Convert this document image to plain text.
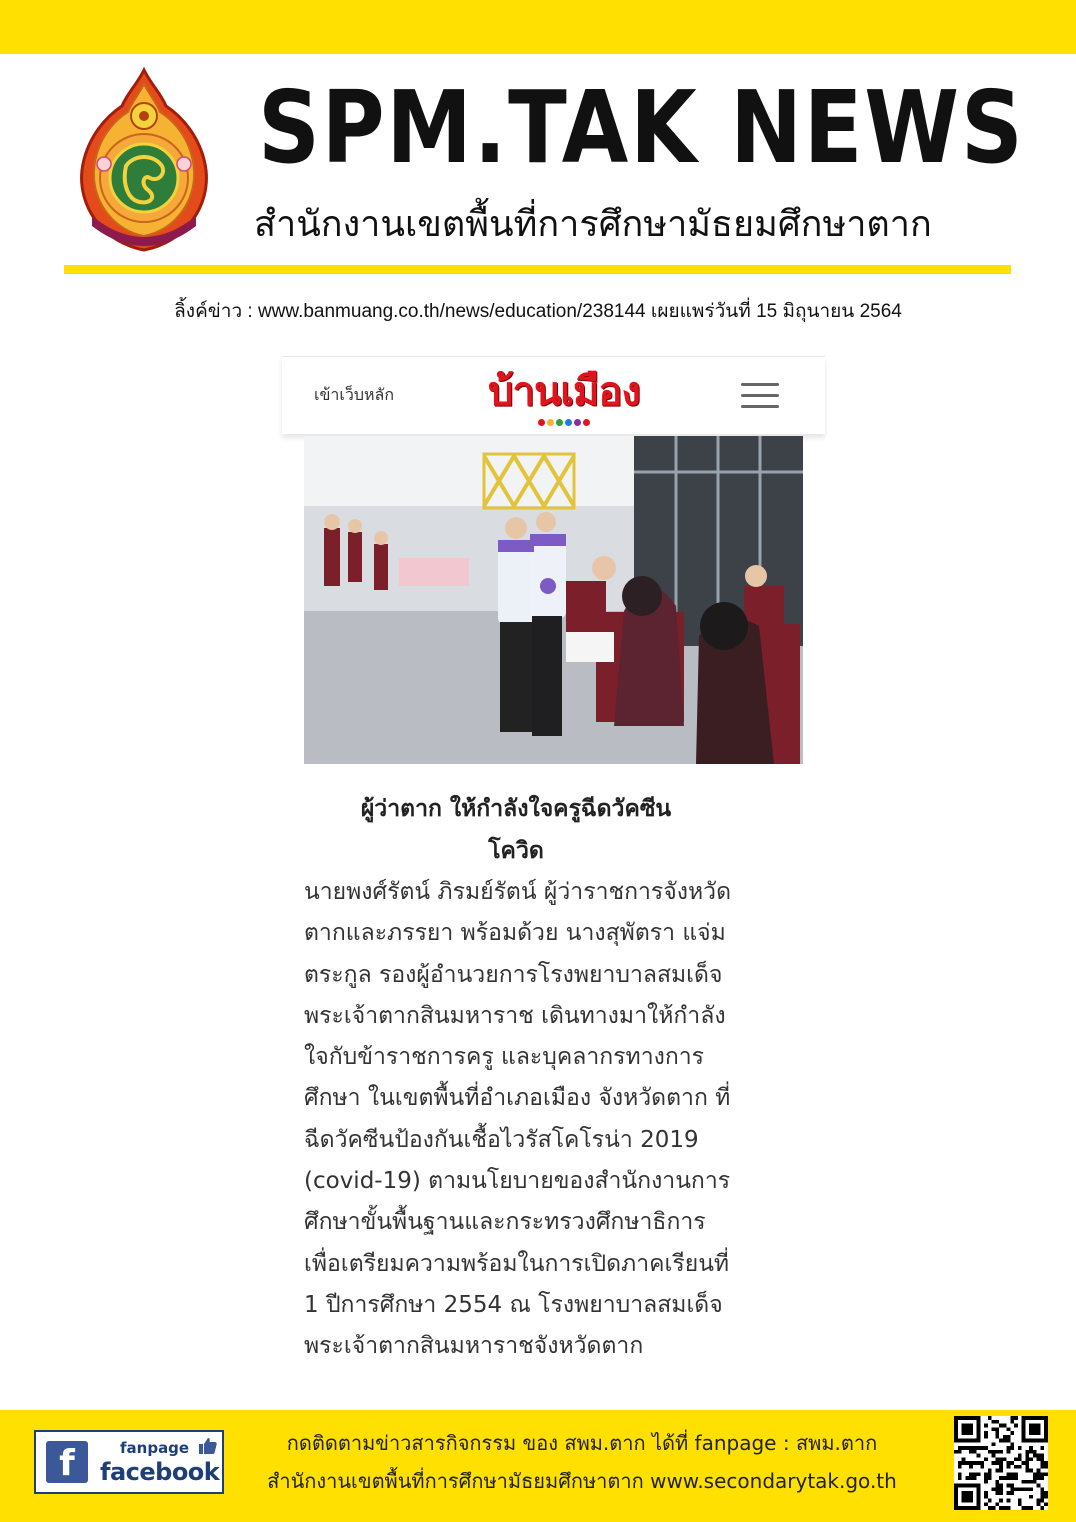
SPM.TAK NEWS
สำนักงานเขตพื้นที่การศึกษามัธยมศึกษาตาก
ลิ้งค์ข่าว : www.banmuang.co.th/news/education/238144 เผยแพร่วันที่ 15 มิถุนายน 2564
เข้าเว็บหลัก	บ้านเมือง
ผู้ว่าตาก ให้กำลังใจครูฉีดวัคซีน
โควิด

นายพงศ์รัตน์ ภิรมย์รัตน์ ผู้ว่าราชการจังหวัด

ตากและภรรยา พร้อมด้วย นางสุพัตรา แจ่ม

ตระกูล รองผู้อำนวยการโรงพยาบาลสมเด็จ

พระเจ้าตากสินมหาราช เดินทางมาให้กำลัง

ใจกับข้าราชการครู และบุคลากรทางการ

ศึกษา ในเขตพื้นที่อำเภอเมือง จังหวัดตาก ที่

ฉีดวัคซีนป้องกันเชื้อไวรัสโคโรน่า 2019

(covid-19) ตามนโยบายของสำนักงานการ

ศึกษาขั้นพื้นฐานและกระทรวงศึกษาธิการ

เพื่อเตรียมความพร้อมในการเปิดภาคเรียนที่

1 ปีการศึกษา 2554 ณ โรงพยาบาลสมเด็จ

พระเจ้าตากสินมหาราชจังหวัดตาก

f	fanpage
facebook
กดติดตามข่าวสารกิจกรรม ของ สพม.ตาก ได้ที่ fanpage : สพม.ตาก
สำนักงานเขตพื้นที่การศึกษามัธยมศึกษาตาก www.secondarytak.go.th
